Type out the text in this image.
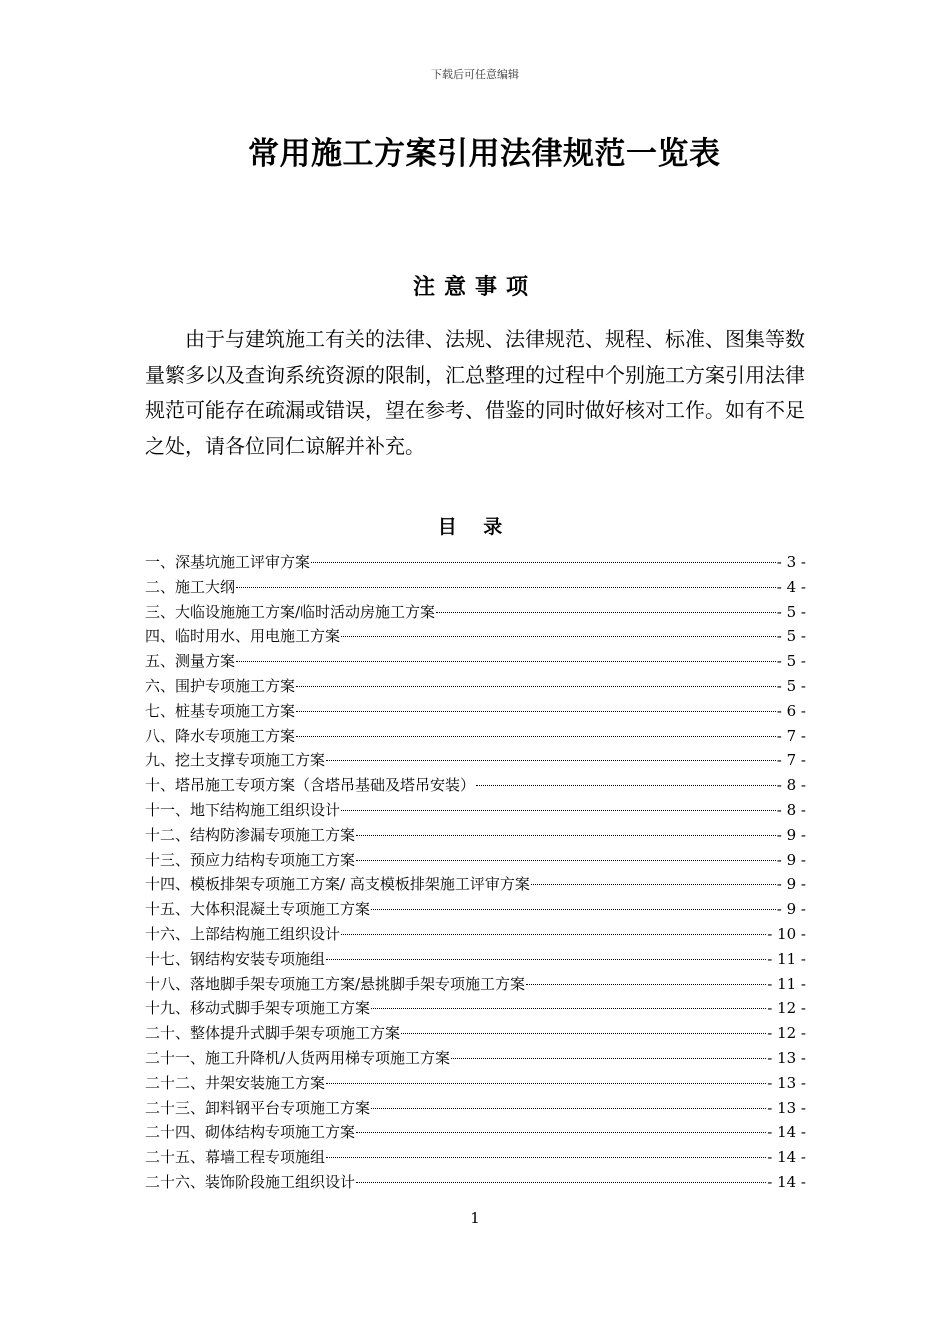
下载后可任意编辑
常用施工方案引用法律规范一览表
注意事项

由于与建筑施工有关的法律、法规、法律规范、规程、标准、图集等数量繁多以及查询系统资源的限制，汇总整理的过程中个别施工方案引用法律规范可能存在疏漏或错误，望在参考、借鉴的同时做好核对工作。如有不足之处，请各位同仁谅解并补充。

目 录
一、深基坑施工评审方案	- 3 -
二、施工大纲	- 4 -
三、大临设施施工方案/临时活动房施工方案	- 5 -
四、临时用水、用电施工方案	- 5 -
五、测量方案	- 5 -
六、围护专项施工方案	- 5 -
七、桩基专项施工方案	- 6 -
八、降水专项施工方案	- 7 -
九、挖土支撑专项施工方案	- 7 -
十、塔吊施工专项方案（含塔吊基础及塔吊安装）	- 8 -
十一、地下结构施工组织设计	- 8 -
十二、结构防渗漏专项施工方案	- 9 -
十三、预应力结构专项施工方案	- 9 -
十四、模板排架专项施工方案/ 高支模板排架施工评审方案	- 9 -
十五、大体积混凝土专项施工方案	- 9 -
十六、上部结构施工组织设计	- 10 -
十七、钢结构安装专项施组	- 11 -
十八、落地脚手架专项施工方案/悬挑脚手架专项施工方案	- 11 -
十九、移动式脚手架专项施工方案	- 12 -
二十、整体提升式脚手架专项施工方案	- 12 -
二十一、施工升降机/人货两用梯专项施工方案	- 13 -
二十二、井架安装施工方案	- 13 -
二十三、卸料钢平台专项施工方案	- 13 -
二十四、砌体结构专项施工方案	- 14 -
二十五、幕墙工程专项施组	- 14 -
二十六、装饰阶段施工组织设计	- 14 -
1
